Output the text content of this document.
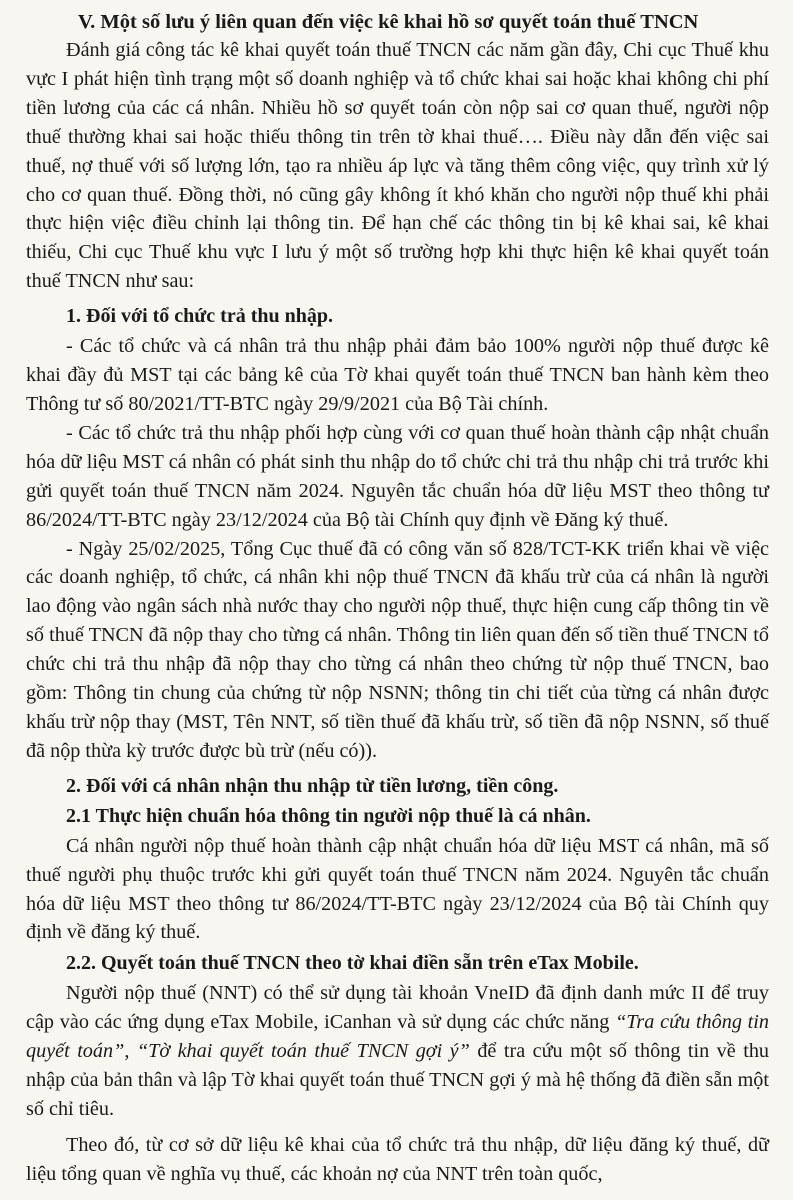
V. Một số lưu ý liên quan đến việc kê khai hồ sơ quyết toán thuế TNCN

Đánh giá công tác kê khai quyết toán thuế TNCN các năm gần đây, Chi cục Thuế khu vực I phát hiện tình trạng một số doanh nghiệp và tổ chức khai sai hoặc khai không chi phí tiền lương của các cá nhân. Nhiều hồ sơ quyết toán còn nộp sai cơ quan thuế, người nộp thuế thường khai sai hoặc thiếu thông tin trên tờ khai thuế…. Điều này dẫn đến việc sai thuế, nợ thuế với số lượng lớn, tạo ra nhiều áp lực và tăng thêm công việc, quy trình xử lý cho cơ quan thuế. Đồng thời, nó cũng gây không ít khó khăn cho người nộp thuế khi phải thực hiện việc điều chỉnh lại thông tin. Để hạn chế các thông tin bị kê khai sai, kê khai thiếu, Chi cục Thuế khu vực I lưu ý một số trường hợp khi thực hiện kê khai quyết toán thuế TNCN như sau:

1. Đối với tổ chức trả thu nhập.

- Các tổ chức và cá nhân trả thu nhập phải đảm bảo 100% người nộp thuế được kê khai đầy đủ MST tại các bảng kê của Tờ khai quyết toán thuế TNCN ban hành kèm theo Thông tư số 80/2021/TT-BTC ngày 29/9/2021 của Bộ Tài chính.

- Các tổ chức trả thu nhập phối hợp cùng với cơ quan thuế hoàn thành cập nhật chuẩn hóa dữ liệu MST cá nhân có phát sinh thu nhập do tổ chức chi trả thu nhập chi trả trước khi gửi quyết toán thuế TNCN năm 2024. Nguyên tắc chuẩn hóa dữ liệu MST theo thông tư 86/2024/TT-BTC ngày 23/12/2024 của Bộ tài Chính quy định về Đăng ký thuế.

- Ngày 25/02/2025, Tổng Cục thuế đã có công văn số 828/TCT-KK triển khai về việc các doanh nghiệp, tổ chức, cá nhân khi nộp thuế TNCN đã khấu trừ của cá nhân là người lao động vào ngân sách nhà nước thay cho người nộp thuế, thực hiện cung cấp thông tin về số thuế TNCN đã nộp thay cho từng cá nhân. Thông tin liên quan đến số tiền thuế TNCN tổ chức chi trả thu nhập đã nộp thay cho từng cá nhân theo chứng từ nộp thuế TNCN, bao gồm: Thông tin chung của chứng từ nộp NSNN; thông tin chi tiết của từng cá nhân được khấu trừ nộp thay (MST, Tên NNT, số tiền thuế đã khấu trừ, số tiền đã nộp NSNN, số thuế đã nộp thừa kỳ trước được bù trừ (nếu có)).

2. Đối với cá nhân nhận thu nhập từ tiền lương, tiền công.
2.1 Thực hiện chuẩn hóa thông tin người nộp thuế là cá nhân.

Cá nhân người nộp thuế hoàn thành cập nhật chuẩn hóa dữ liệu MST cá nhân, mã số thuế người phụ thuộc trước khi gửi quyết toán thuế TNCN năm 2024. Nguyên tắc chuẩn hóa dữ liệu MST theo thông tư 86/2024/TT-BTC ngày 23/12/2024 của Bộ tài Chính quy định về đăng ký thuế.

2.2. Quyết toán thuế TNCN theo tờ khai điền sẵn trên eTax Mobile.

Người nộp thuế (NNT) có thể sử dụng tài khoản VneID đã định danh mức II để truy cập vào các ứng dụng eTax Mobile, iCanhan và sử dụng các chức năng “Tra cứu thông tin quyết toán”, “Tờ khai quyết toán thuế TNCN gợi ý” để tra cứu một số thông tin về thu nhập của bản thân và lập Tờ khai quyết toán thuế TNCN gợi ý mà hệ thống đã điền sẵn một số chỉ tiêu.

Theo đó, từ cơ sở dữ liệu kê khai của tổ chức trả thu nhập, dữ liệu đăng ký thuế, dữ liệu tổng quan về nghĩa vụ thuế, các khoản nợ của NNT trên toàn quốc,
